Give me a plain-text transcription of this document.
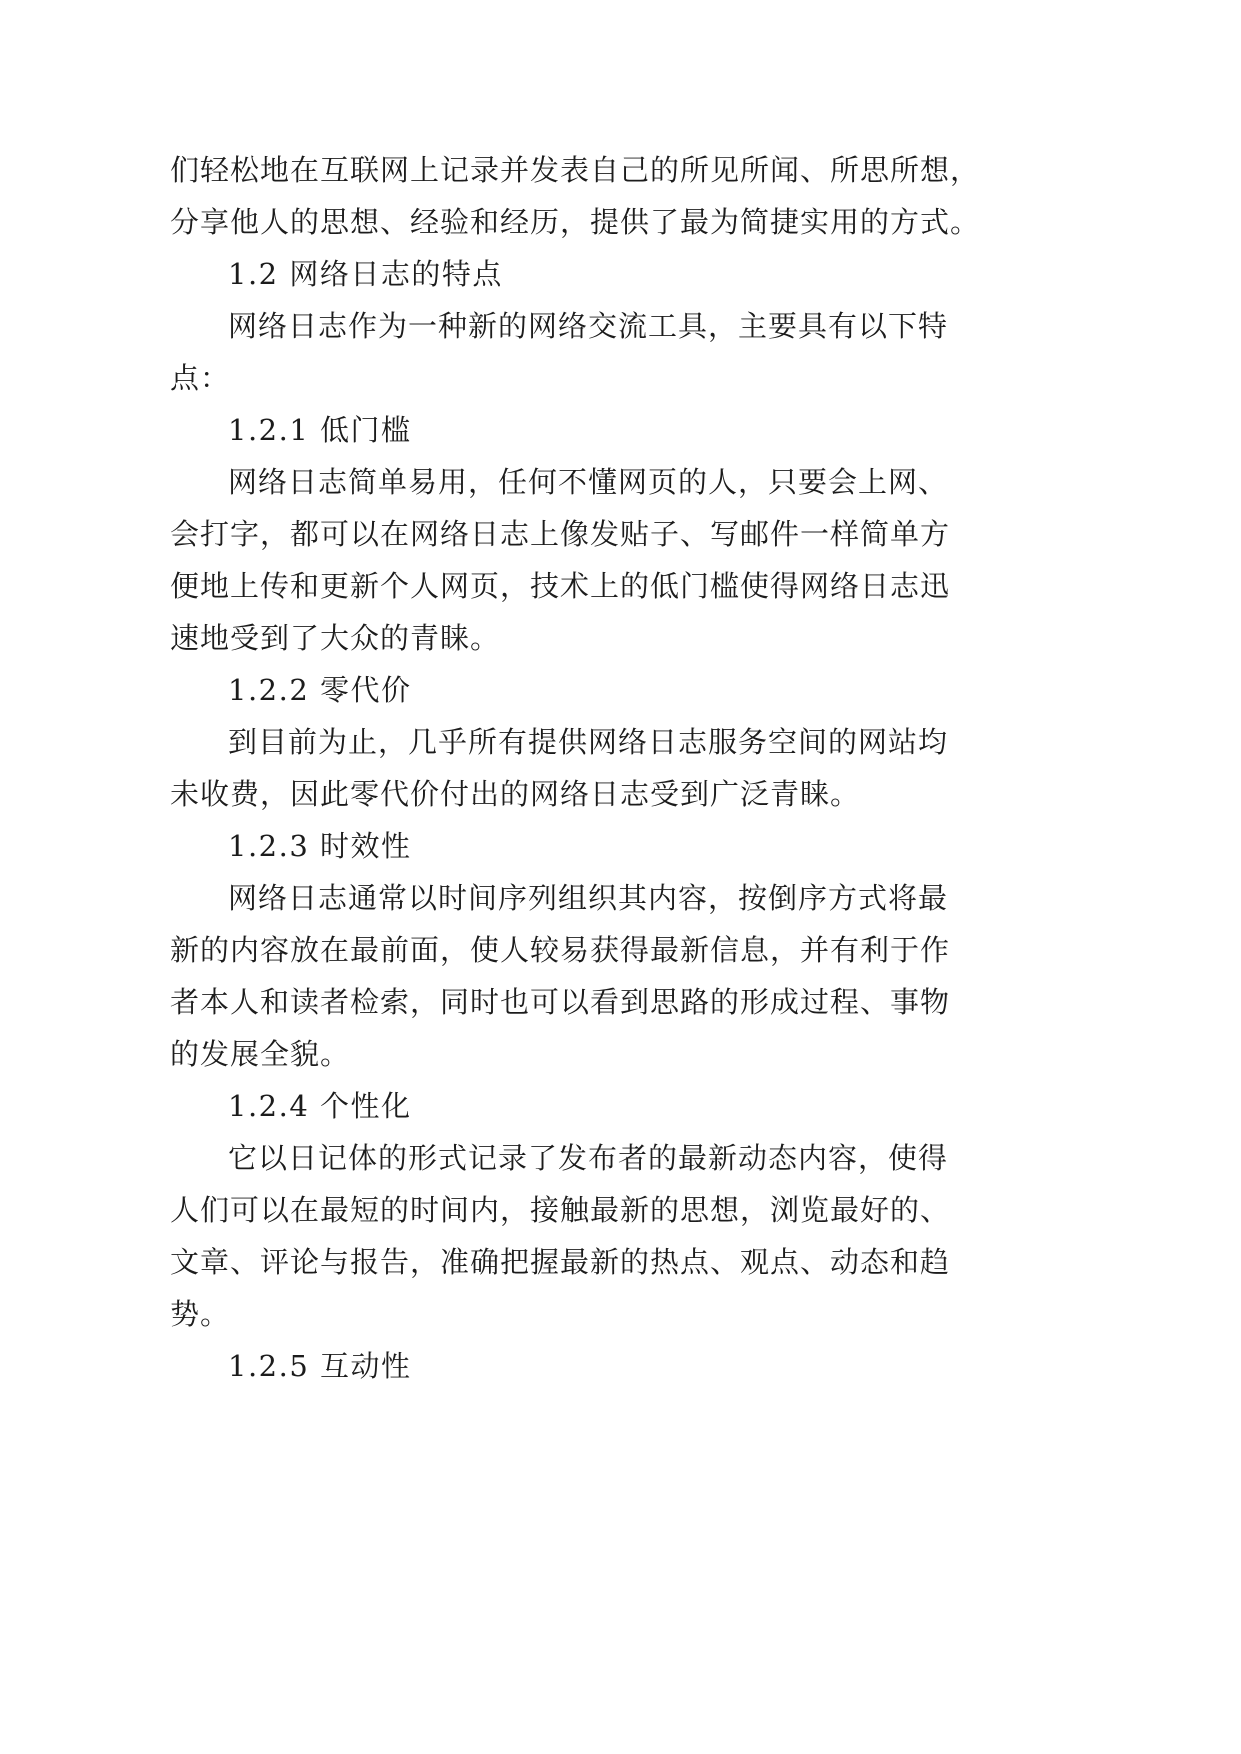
们轻松地在互联网上记录并发表自己的所见所闻、所思所想，
分享他人的思想、经验和经历，提供了最为简捷实用的方式。
1.2 网络日志的特点
网络日志作为一种新的网络交流工具，主要具有以下特
点：
1.2.1 低门槛
网络日志简单易用，任何不懂网页的人，只要会上网、
会打字，都可以在网络日志上像发贴子、写邮件一样简单方
便地上传和更新个人网页，技术上的低门槛使得网络日志迅
速地受到了大众的青睐。
1.2.2 零代价
到目前为止，几乎所有提供网络日志服务空间的网站均
未收费，因此零代价付出的网络日志受到广泛青睐。
1.2.3 时效性
网络日志通常以时间序列组织其内容，按倒序方式将最
新的内容放在最前面，使人较易获得最新信息，并有利于作
者本人和读者检索，同时也可以看到思路的形成过程、事物
的发展全貌。
1.2.4 个性化
它以日记体的形式记录了发布者的最新动态内容，使得
人们可以在最短的时间内，接触最新的思想，浏览最好的、
文章、评论与报告，准确把握最新的热点、观点、动态和趋
势。
1.2.5 互动性
